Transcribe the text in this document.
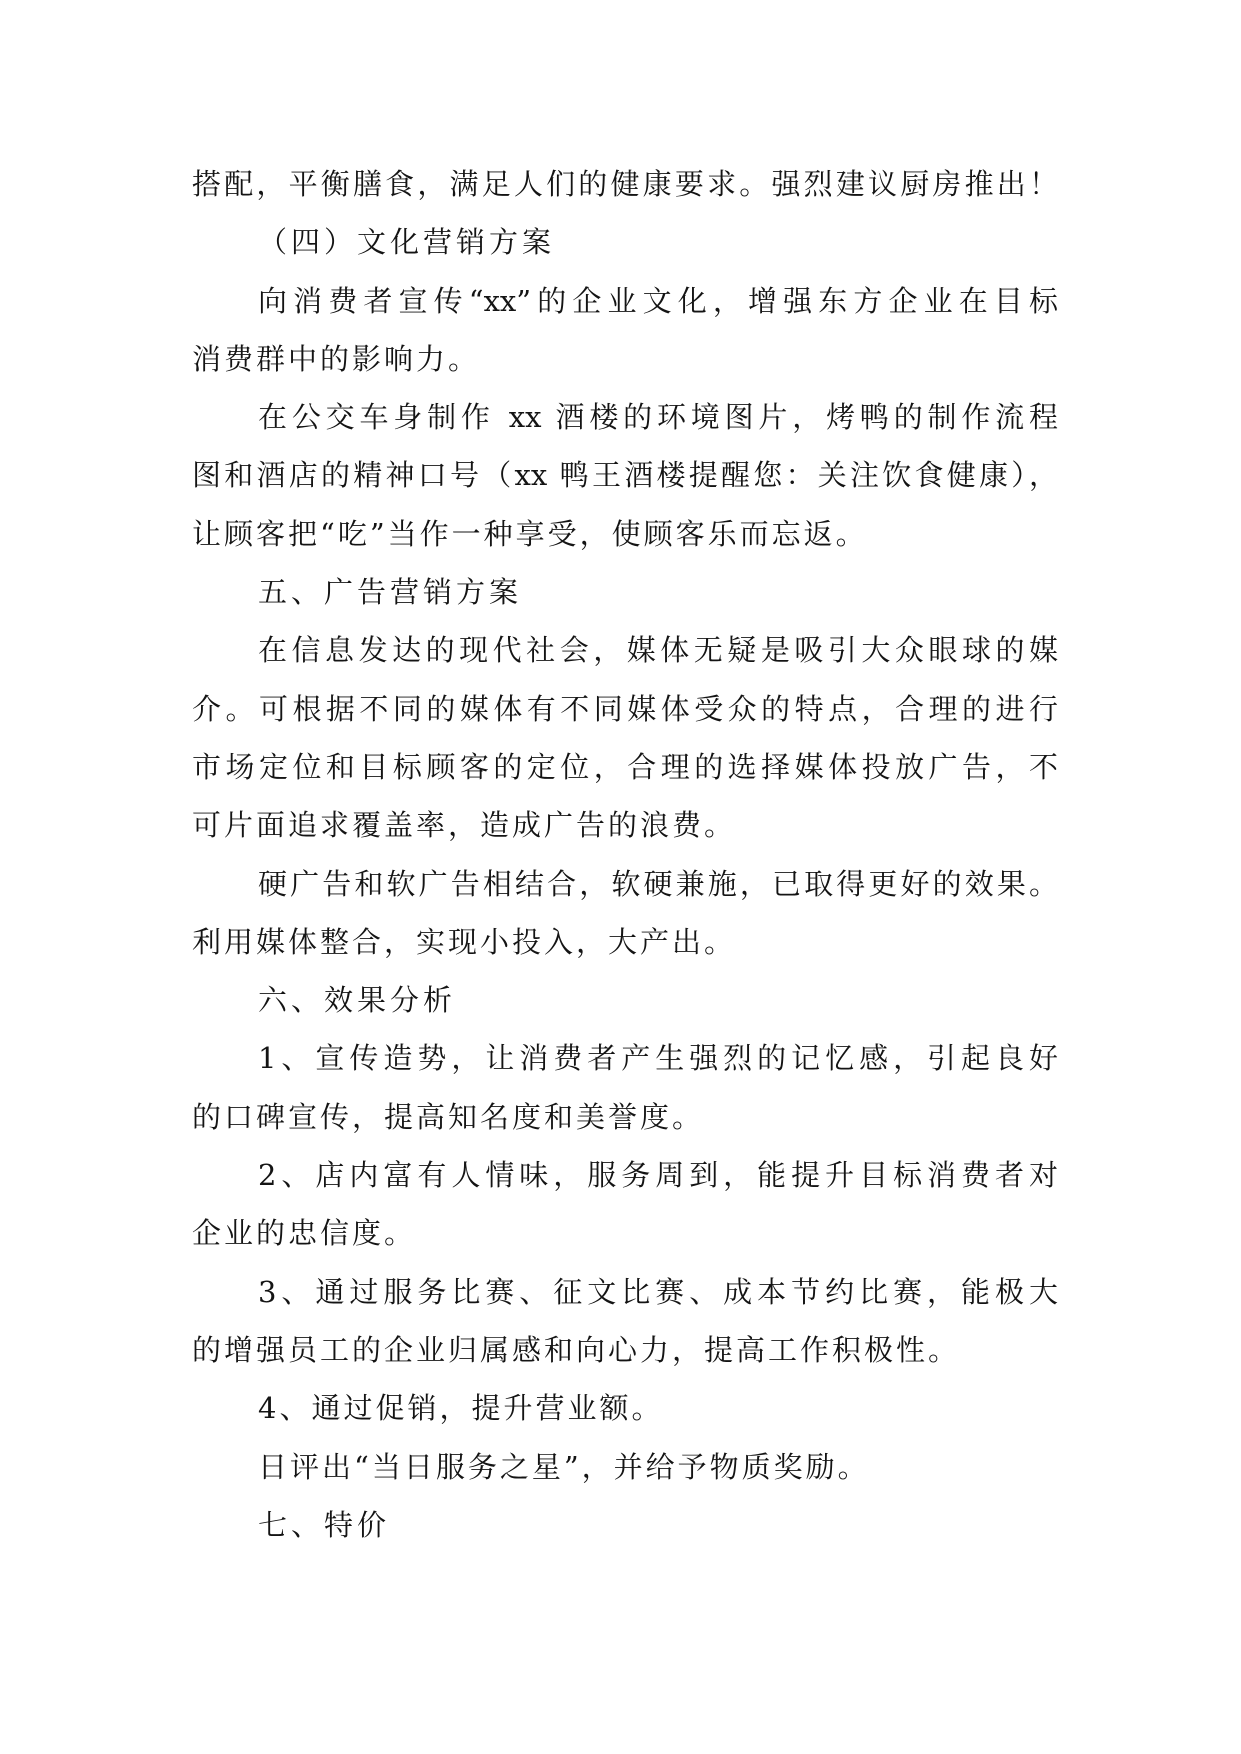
搭配，平衡膳食，满足人们的健康要求。强烈建议厨房推出！
（四）文化营销方案
向消费者宣传“xx”的企业文化，增强东方企业在目标
消费群中的影响力。
在公交车身制作 xx 酒楼的环境图片，烤鸭的制作流程
图和酒店的精神口号（xx 鸭王酒楼提醒您：关注饮食健康），
让顾客把“吃”当作一种享受，使顾客乐而忘返。
五、广告营销方案
在信息发达的现代社会，媒体无疑是吸引大众眼球的媒
介。可根据不同的媒体有不同媒体受众的特点，合理的进行
市场定位和目标顾客的定位，合理的选择媒体投放广告，不
可片面追求覆盖率，造成广告的浪费。
硬广告和软广告相结合，软硬兼施，已取得更好的效果。
利用媒体整合，实现小投入，大产出。
六、效果分析
1、宣传造势，让消费者产生强烈的记忆感，引起良好
的口碑宣传，提高知名度和美誉度。
2、店内富有人情味，服务周到，能提升目标消费者对
企业的忠信度。
3、通过服务比赛、征文比赛、成本节约比赛，能极大
的增强员工的企业归属感和向心力，提高工作积极性。
4、通过促销，提升营业额。
日评出“当日服务之星”，并给予物质奖励。
七、特价
